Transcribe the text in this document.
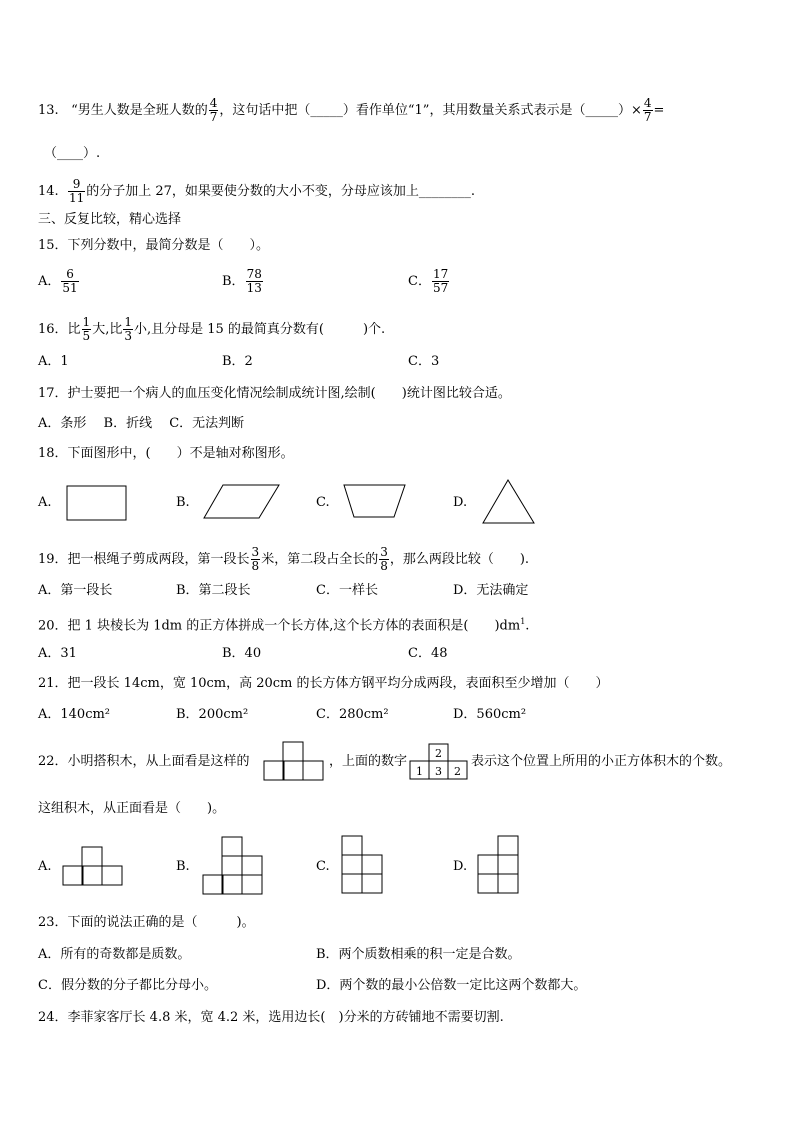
13. “男生人数是全班人数的 $\frac{4}{7}$ ，这句话中把（_____）看作单位“1”，其用数量关系式表示是（_____）× $\frac{4}{7}$ =
（____）.
14. $\frac{9}{11}$ 的分子加上 27，如果要使分数的大小不变，分母应该加上________.
三、反复比较，精心选择
15．下列分数中，最简分数是（　　）。
A． $\frac{6}{51}$	B． $\frac{78}{13}$	C． $\frac{17}{57}$
16．比 $\frac{1}{5}$ 大,比 $\frac{1}{3}$ 小,且分母是 15 的最简真分数有(　　　)个.
A．1	B．2	C．3
17．护士要把一个病人的血压变化情况绘制成统计图,绘制(　　)统计图比较合适。
A．条形　 B．折线　 C．无法判断
18．下面图形中，(　　）不是轴对称图形。
A.	B.	C.	D.
19．把一根绳子剪成两段，第一段长 $\frac{3}{8}$ 米，第二段占全长的 $\frac{3}{8}$ ，那么两段比较（　　).
A．第一段长	B．第二段长	C．一样长	D．无法确定
20．把 1 块棱长为 1dm 的正方体拼成一个长方体,这个长方体的表面积是(　　)$dm^1$.
A．31	B．40	C．48
21．把一段长 14cm，宽 10cm，高 20cm 的长方体方钢平均分成两段，表面积至少增加（　　）
A．140cm²	B．200cm²	C．280cm²	D．560cm²
22．小明搭积木，从上面看是这样的	，上面的数字
2
1 3 2
表示这个位置上所用的小正方体积木的个数。
这组积木，从正面看是（　　)。
A.	B.	C.	D.
23．下面的说法正确的是（　　　)。
A．所有的奇数都是质数。	B．两个质数相乘的积一定是合数。
C．假分数的分子都比分母小。	D．两个数的最小公倍数一定比这两个数都大。
24．李菲家客厅长 4.8 米，宽 4.2 米，选用边长(　)分米的方砖铺地不需要切割.
